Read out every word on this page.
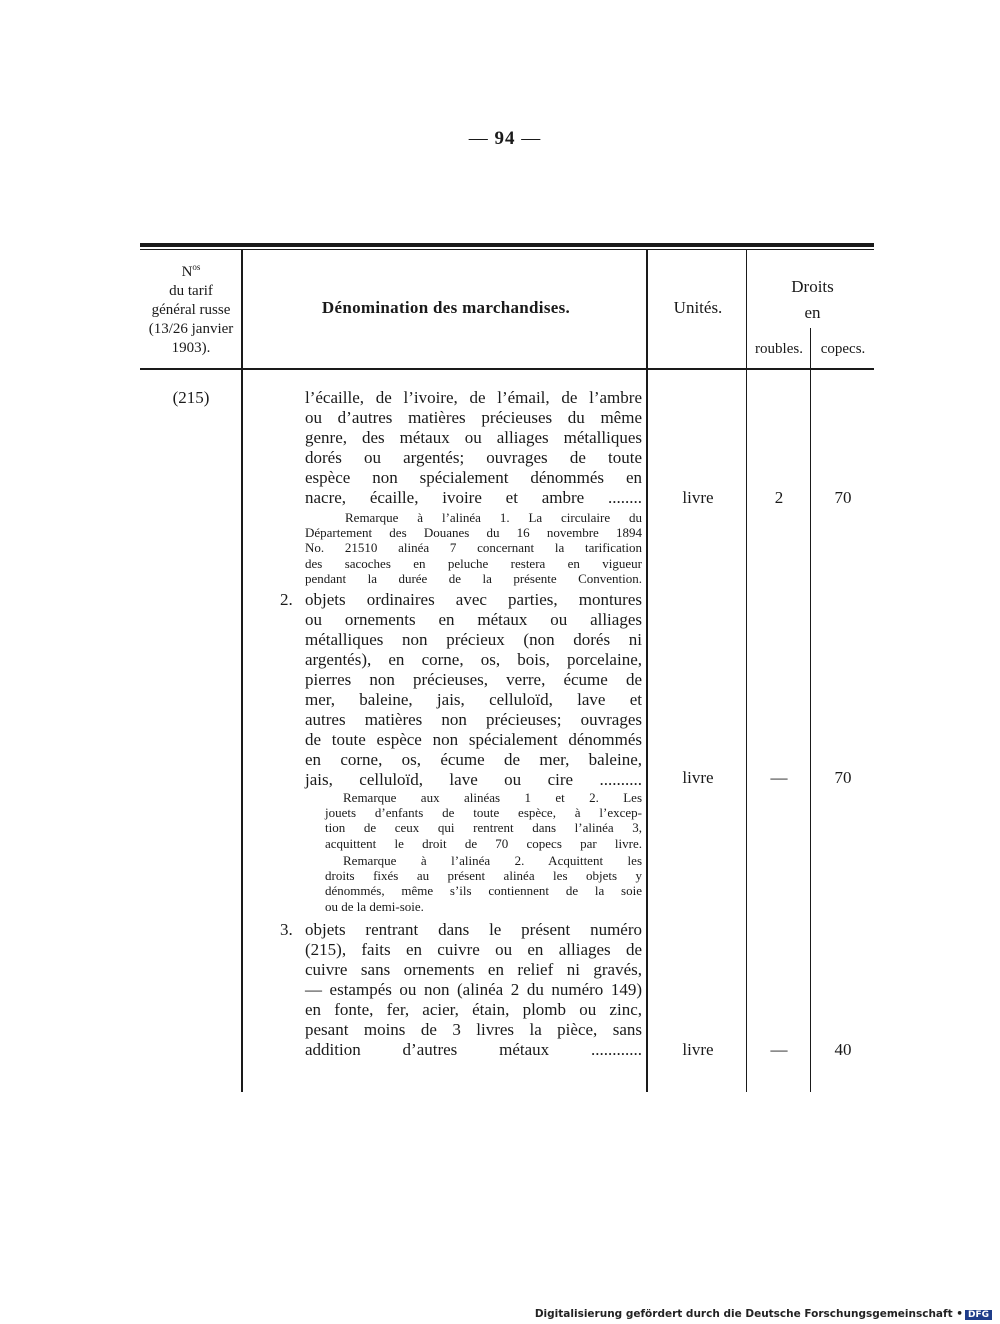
— 94 —
$N^{os}$
du tarif
général russe
(13/26 janvier
1903).
Dénomination des marchandises.	Unités.
Droits
en
roubles.	copecs.
(215)	l’écaille, de l’ivoire, de l’émail, de l’ambre
ou d’autres matières précieuses du même
genre, des métaux ou alliages métalliques
dorés ou argentés; ouvrages de toute
espèce non spécialement dénommés en
nacre, écaille, ivoire et ambre ........	livre	2	70
Remarque à l’alinéa 1. La circulaire du
Département des Douanes du 16 novembre 1894
No. 21510 alinéa 7 concernant la tarification
des sacoches en peluche restera en vigueur
pendant la durée de la présente Convention.
2. objets ordinaires avec parties, montures
ou ornements en métaux ou alliages
métalliques non précieux (non dorés ni
argentés), en corne, os, bois, porcelaine,
pierres non précieuses, verre, écume de
mer, baleine, jais, celluloïd, lave et
autres matières non précieuses; ouvrages
de toute espèce non spécialement dénommés
en corne, os, écume de mer, baleine,
jais, celluloïd, lave ou cire ..........	livre	—	70
Remarque aux alinéas 1 et 2. Les
jouets d’enfants de toute espèce, à l’excep-
tion de ceux qui rentrent dans l’alinéa 3,
acquittent le droit de 70 copecs par livre.
Remarque à l’alinéa 2. Acquittent les
droits fixés au présent alinéa les objets y
dénommés, même s’ils contiennent de la soie
ou de la demi-soie.
3. objets rentrant dans le présent numéro
(215), faits en cuivre ou en alliages de
cuivre sans ornements en relief ni gravés,
— estampés ou non (alinéa 2 du numéro 149)
en fonte, fer, acier, étain, plomb ou zinc,
pesant moins de 3 livres la pièce, sans
addition d’autres métaux ............	livre	—	40
Digitalisierung gefördert durch die Deutsche Forschungsgemeinschaft • DFG
